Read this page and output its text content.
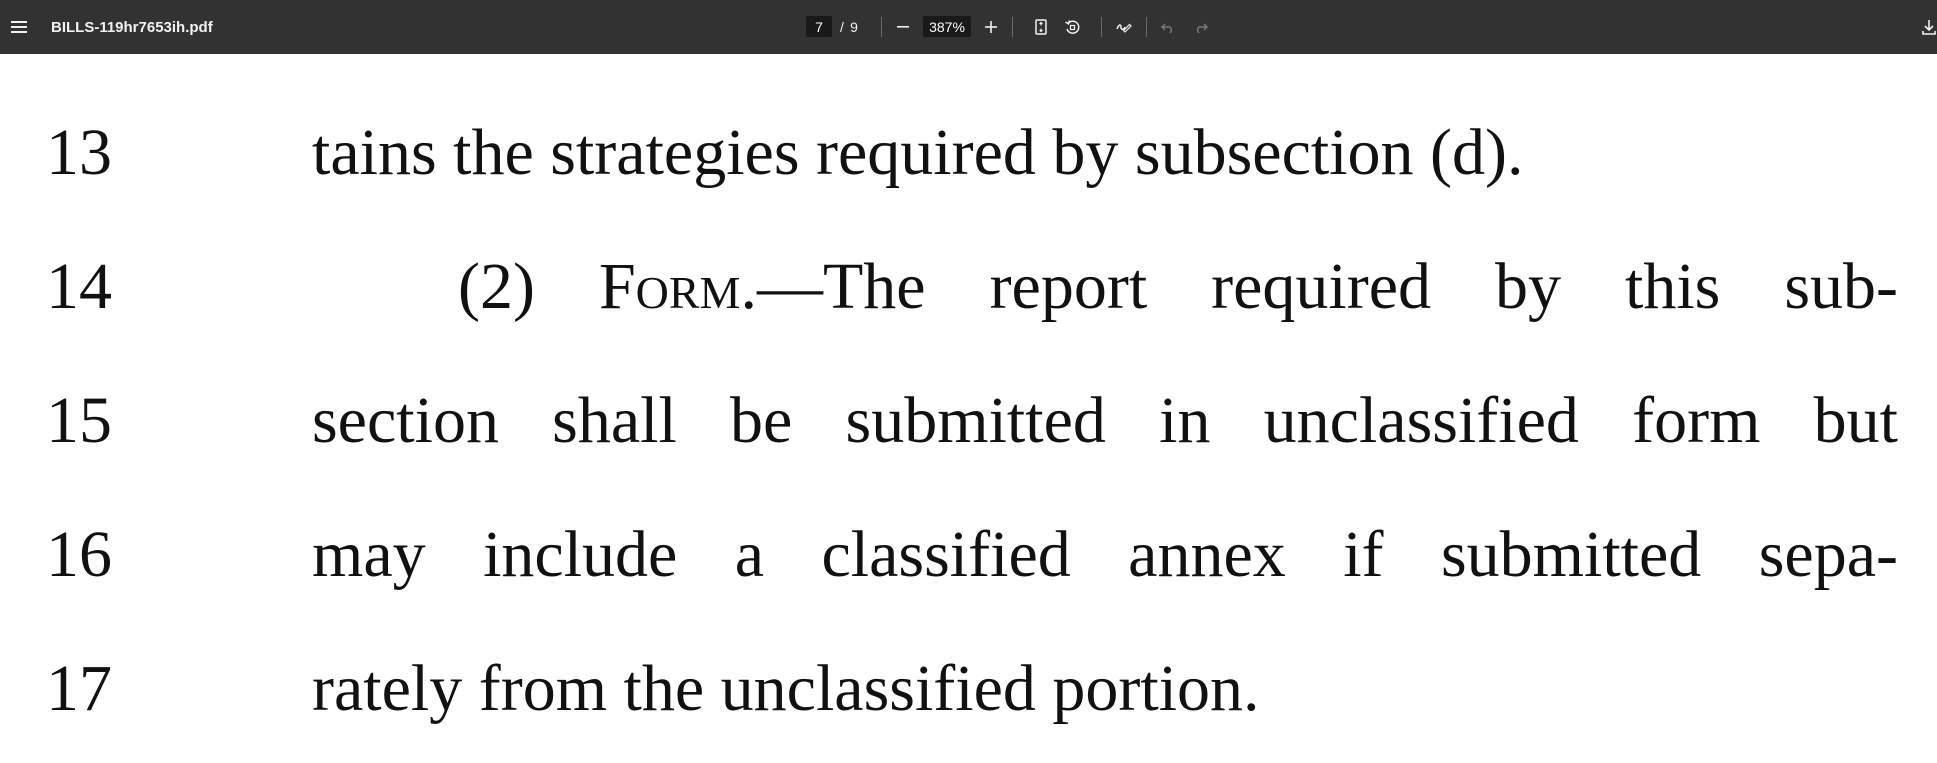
BILLS-119hr7653ih.pdf
7	/ 9
387%
13	tains the strategies required by subsection (d).
14	(2) Form.—The report required by this sub-
15	section shall be submitted in unclassified form but
16	may include a classified annex if submitted sepa-
17	rately from the unclassified portion.
